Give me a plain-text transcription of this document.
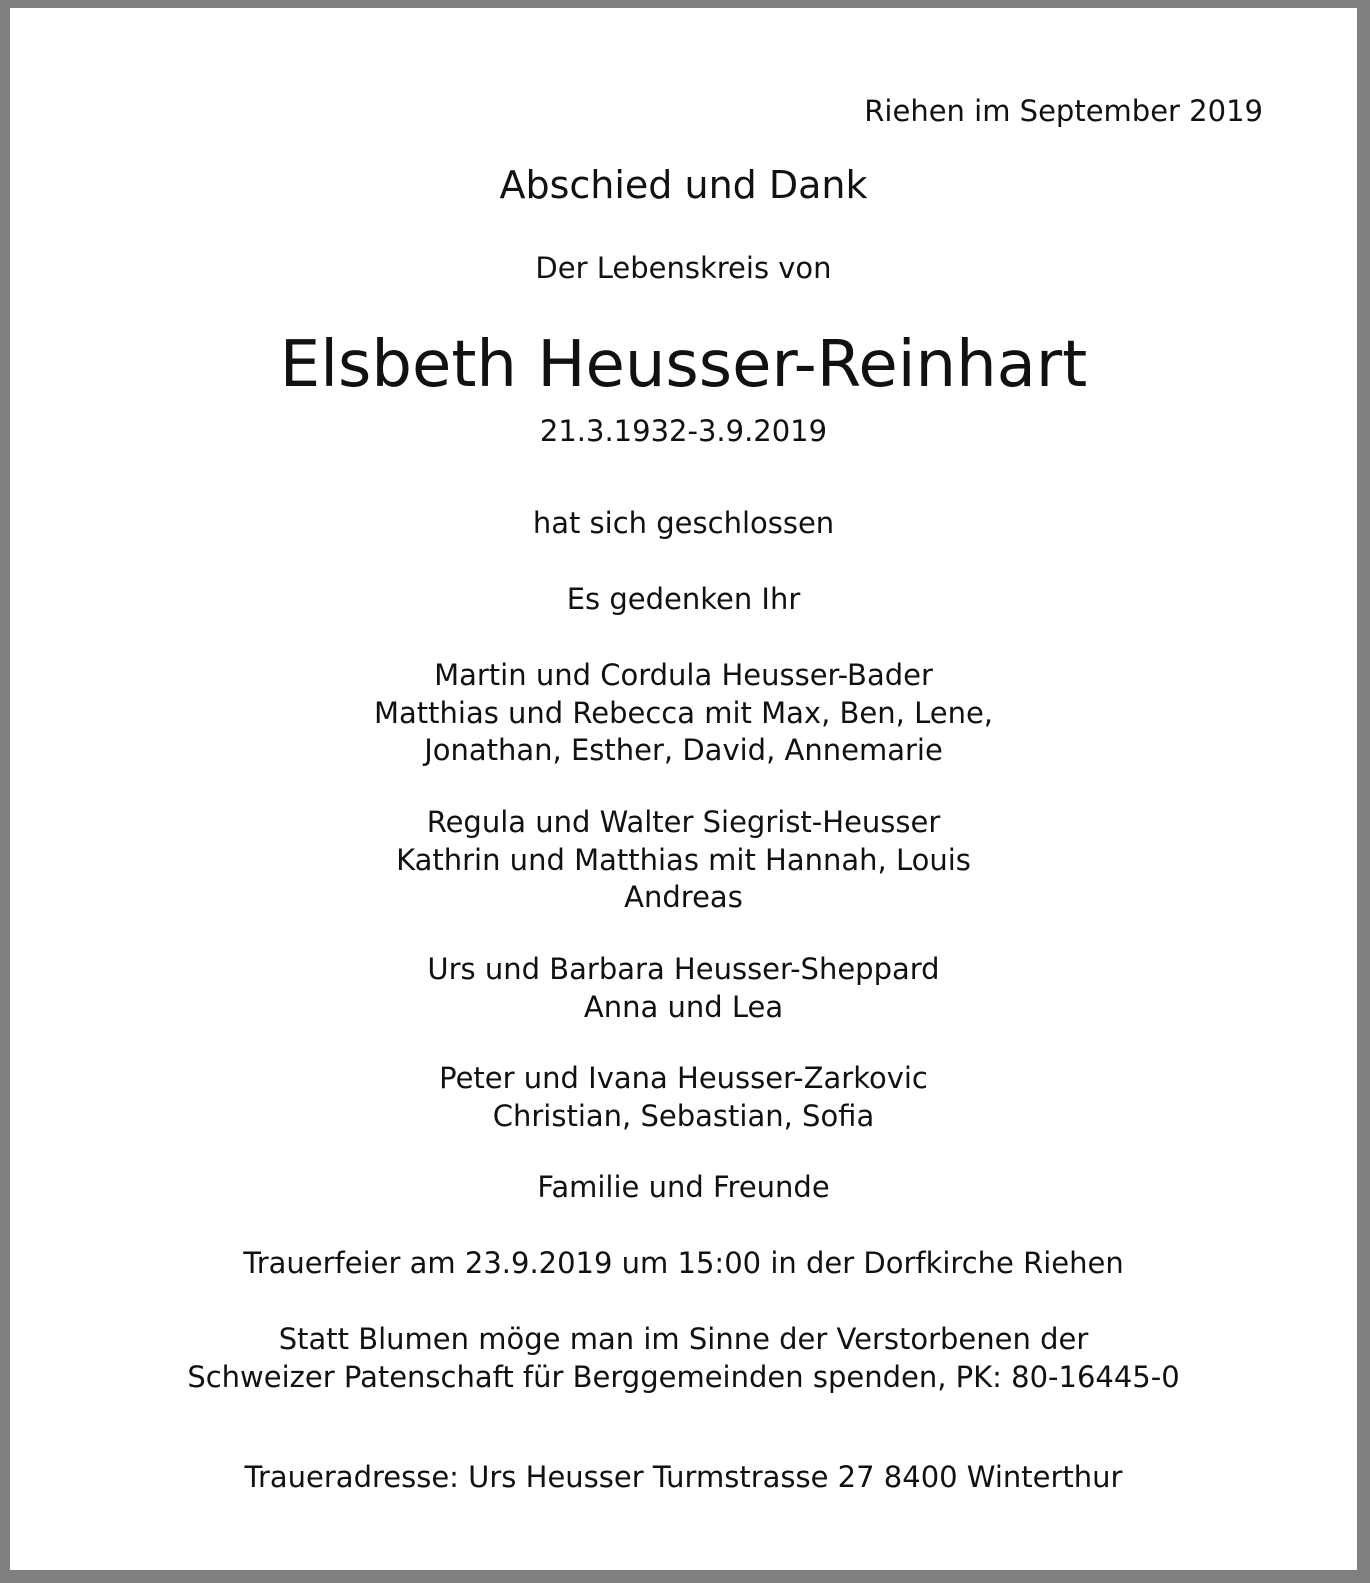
Riehen im September 2019
Abschied und Dank
Der Lebenskreis von
Elsbeth Heusser-Reinhart
21.3.1932-3.9.2019
hat sich geschlossen
Es gedenken Ihr
Martin und Cordula Heusser-Bader
Matthias und Rebecca mit Max, Ben, Lene,
Jonathan, Esther, David, Annemarie
Regula und Walter Siegrist-Heusser
Kathrin und Matthias mit Hannah, Louis
Andreas
Urs und Barbara Heusser-Sheppard
Anna und Lea
Peter und Ivana Heusser-Zarkovic
Christian, Sebastian, Sofia
Familie und Freunde
Trauerfeier am 23.9.2019 um 15:00 in der Dorfkirche Riehen
Statt Blumen möge man im Sinne der Verstorbenen der
Schweizer Patenschaft für Berggemeinden spenden, PK: 80-16445-0
Traueradresse: Urs Heusser Turmstrasse 27 8400 Winterthur
